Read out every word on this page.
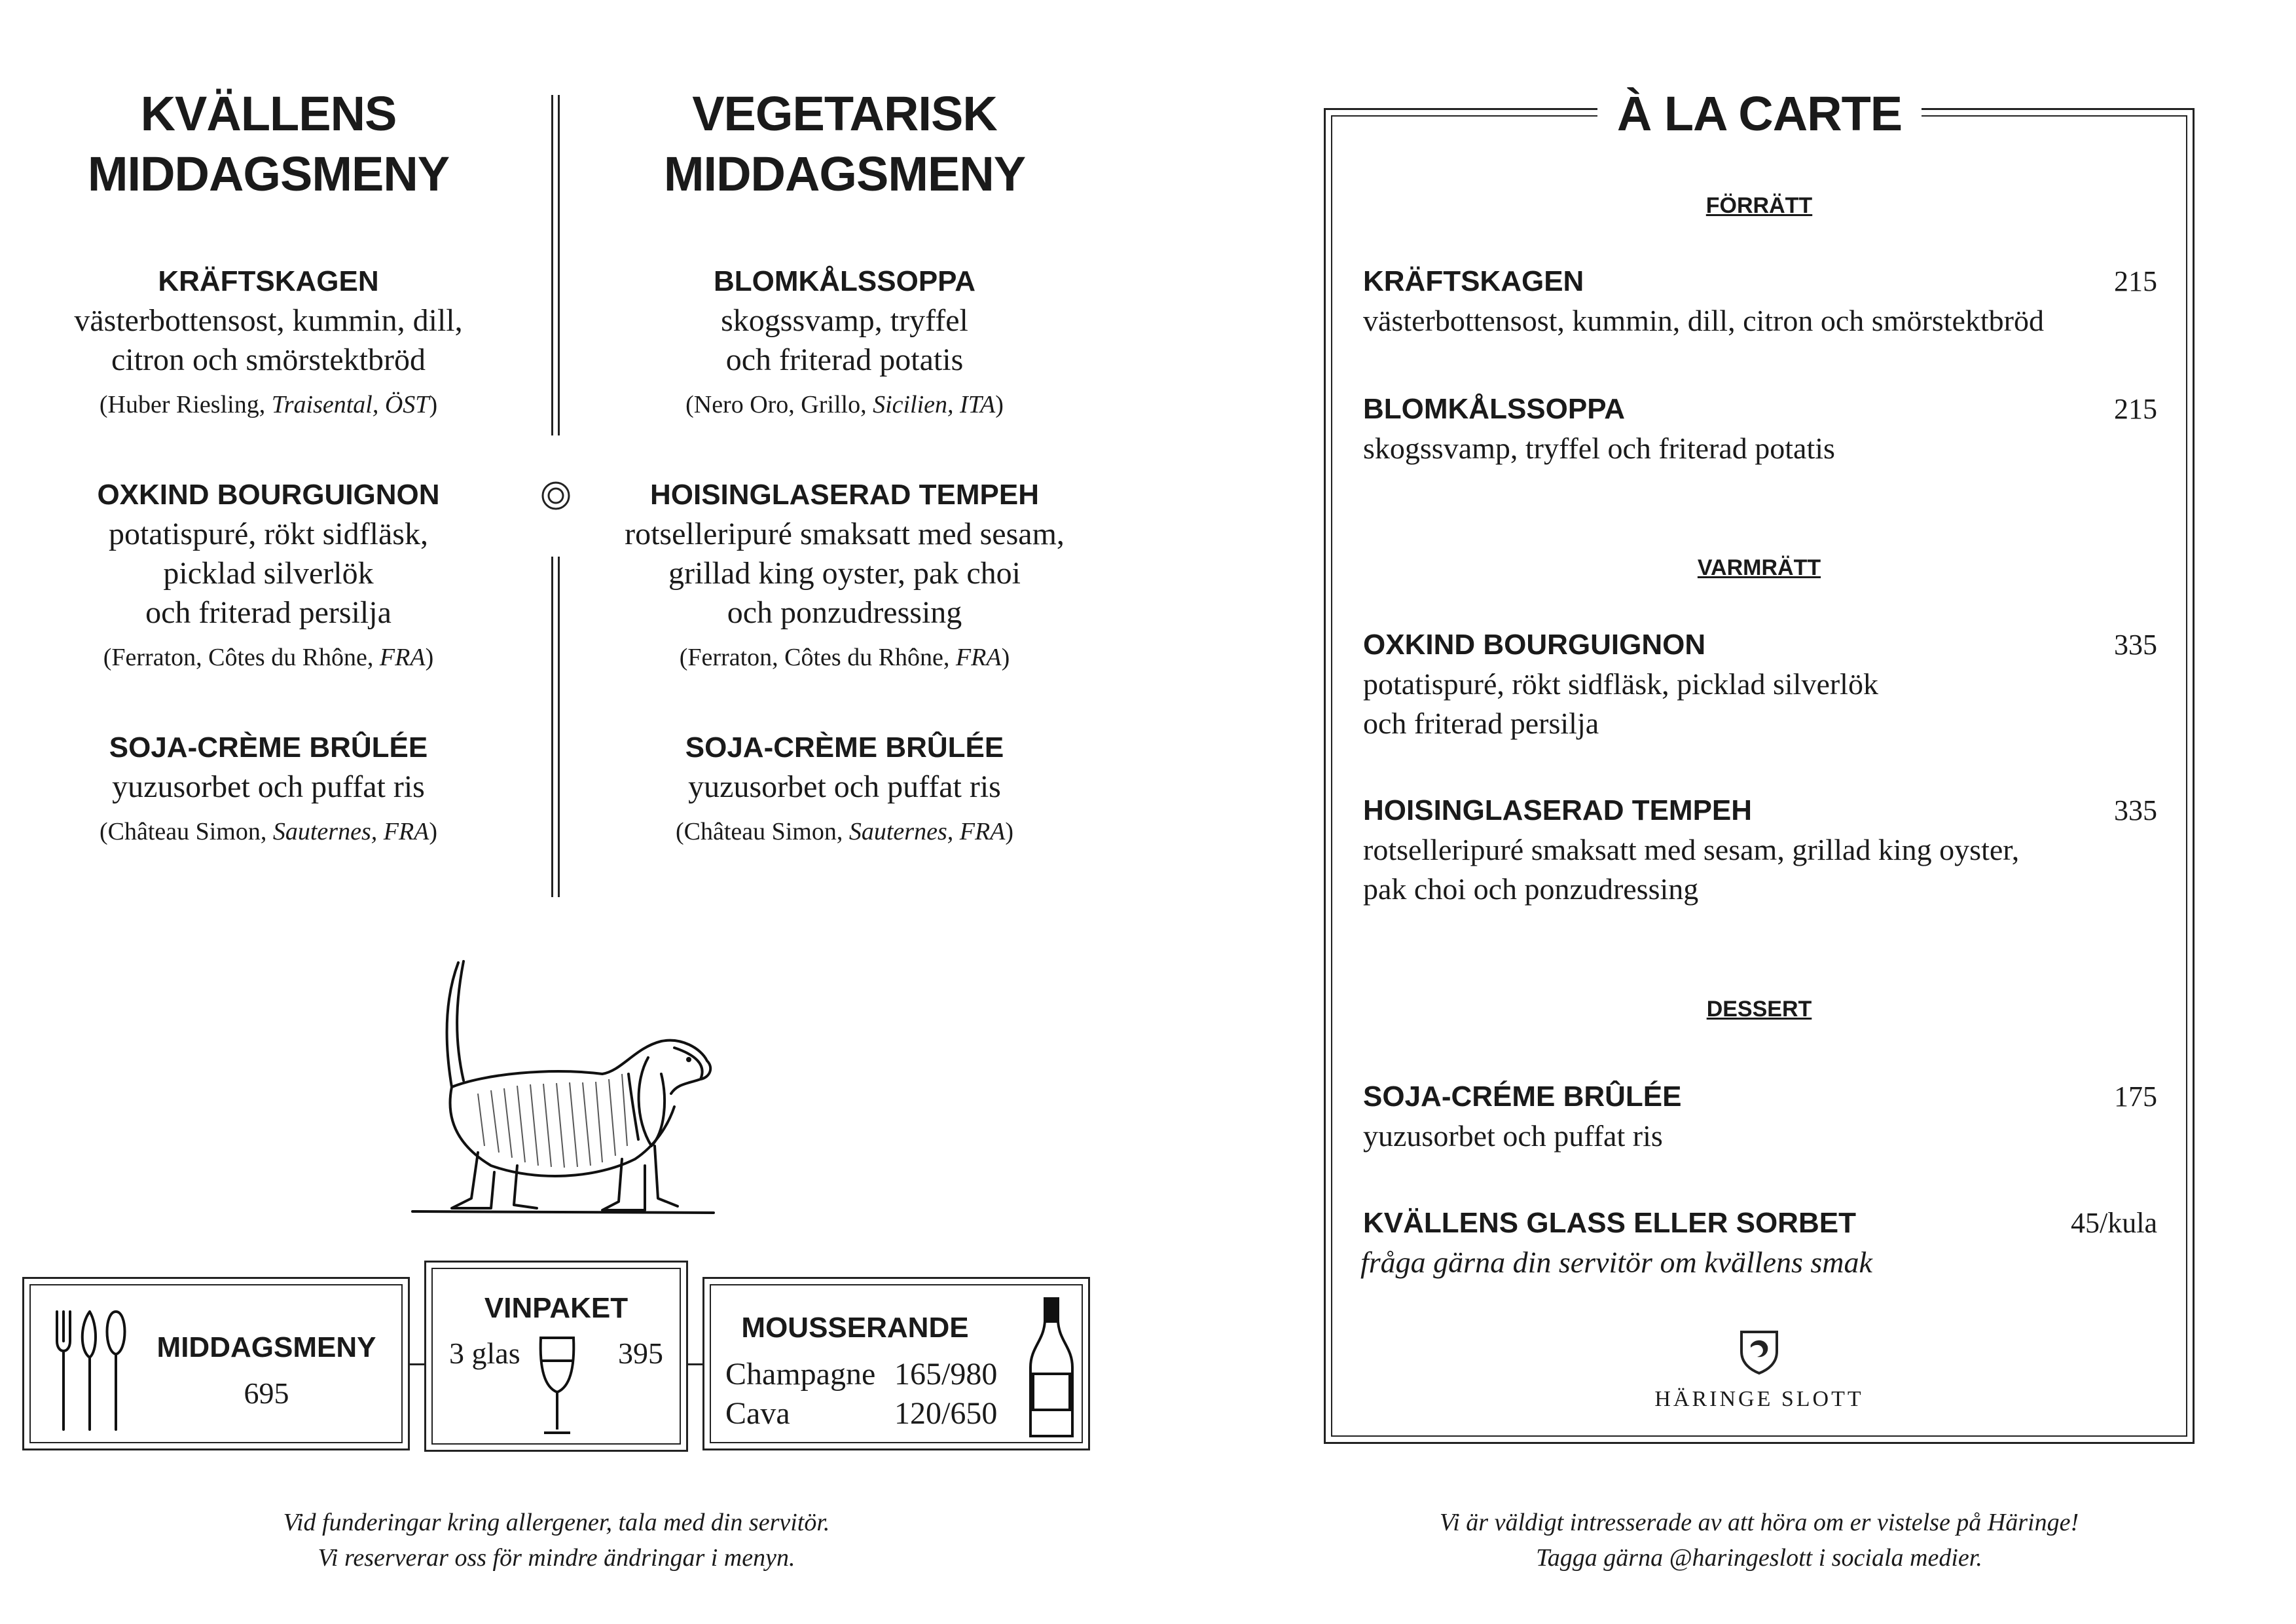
KVÄLLENS
MIDDAGSMENY
VEGETARISK
MIDDAGSMENY
KRÄFTSKAGEN
västerbottensost, kummin, dill,
citron och smörstektbröd
(Huber Riesling, Traisental, ÖST)
OXKIND BOURGUIGNON
potatispuré, rökt sidfläsk,
picklad silverlök
och friterad persilja
(Ferraton, Côtes du Rhône, FRA)
SOJA-CRÈME BRÛLÉE
yuzusorbet och puffat ris
(Château Simon, Sauternes, FRA)
BLOMKÅLSSOPPA
skogssvamp, tryffel
och friterad potatis
(Nero Oro, Grillo, Sicilien, ITA)
HOISINGLASERAD TEMPEH
rotselleripuré smaksatt med sesam,
grillad king oyster, pak choi
och ponzudressing
(Ferraton, Côtes du Rhône, FRA)
SOJA-CRÈME BRÛLÉE
yuzusorbet och puffat ris
(Château Simon, Sauternes, FRA)
MIDDAGSMENY
695
VINPAKET
3 glas	395
MOUSSERANDE
Champagne 165/980
Cava	120/650
Vid funderingar kring allergener, tala med din servitör.
Vi reserverar oss för mindre ändringar i menyn.
À LA CARTE
FÖRRÄTT
KRÄFTSKAGEN	215
västerbottensost, kummin, dill, citron och smörstektbröd
BLOMKÅLSSOPPA	215
skogssvamp, tryffel och friterad potatis
VARMRÄTT
OXKIND BOURGUIGNON	335
potatispuré, rökt sidfläsk, picklad silverlök
och friterad persilja
HOISINGLASERAD TEMPEH	335
rotselleripuré smaksatt med sesam, grillad king oyster,
pak choi och ponzudressing
DESSERT
SOJA-CRÉME BRÛLÉE	175
yuzusorbet och puffat ris
KVÄLLENS GLASS ELLER SORBET	45/kula
fråga gärna din servitör om kvällens smak
HÄRINGE SLOTT
Vi är väldigt intresserade av att höra om er vistelse på Häringe!
Tagga gärna @haringeslott i sociala medier.
